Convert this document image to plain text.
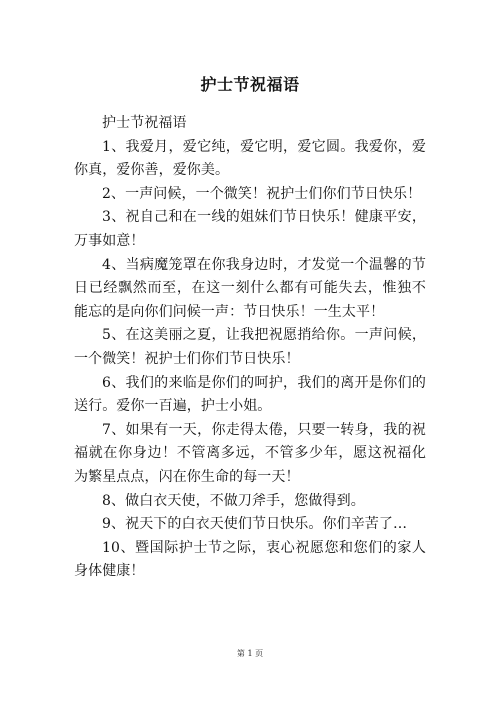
护士节祝福语

护士节祝福语

1、我爱月，爱它纯，爱它明，爱它圆。我爱你，爱你真，爱你善，爱你美。

2、一声问候，一个微笑！祝护士们你们节日快乐！

3、祝自己和在一线的姐妹们节日快乐！健康平安，万事如意！

4、当病魔笼罩在你我身边时，才发觉一个温馨的节日已经飘然而至，在这一刻什么都有可能失去，惟独不能忘的是向你们问候一声：节日快乐！一生太平！

5、在这美丽之夏，让我把祝愿捎给你。一声问候，一个微笑！祝护士们你们节日快乐！

6、我们的来临是你们的呵护，我们的离开是你们的送行。爱你一百遍，护士小姐。

7、如果有一天，你走得太倦，只要一转身，我的祝福就在你身边！不管离多远，不管多少年，愿这祝福化为繁星点点，闪在你生命的每一天！

8、做白衣天使，不做刀斧手，您做得到。

9、祝天下的白衣天使们节日快乐。你们辛苦了…

10、暨国际护士节之际，衷心祝愿您和您们的家人身体健康！

第 1 页
